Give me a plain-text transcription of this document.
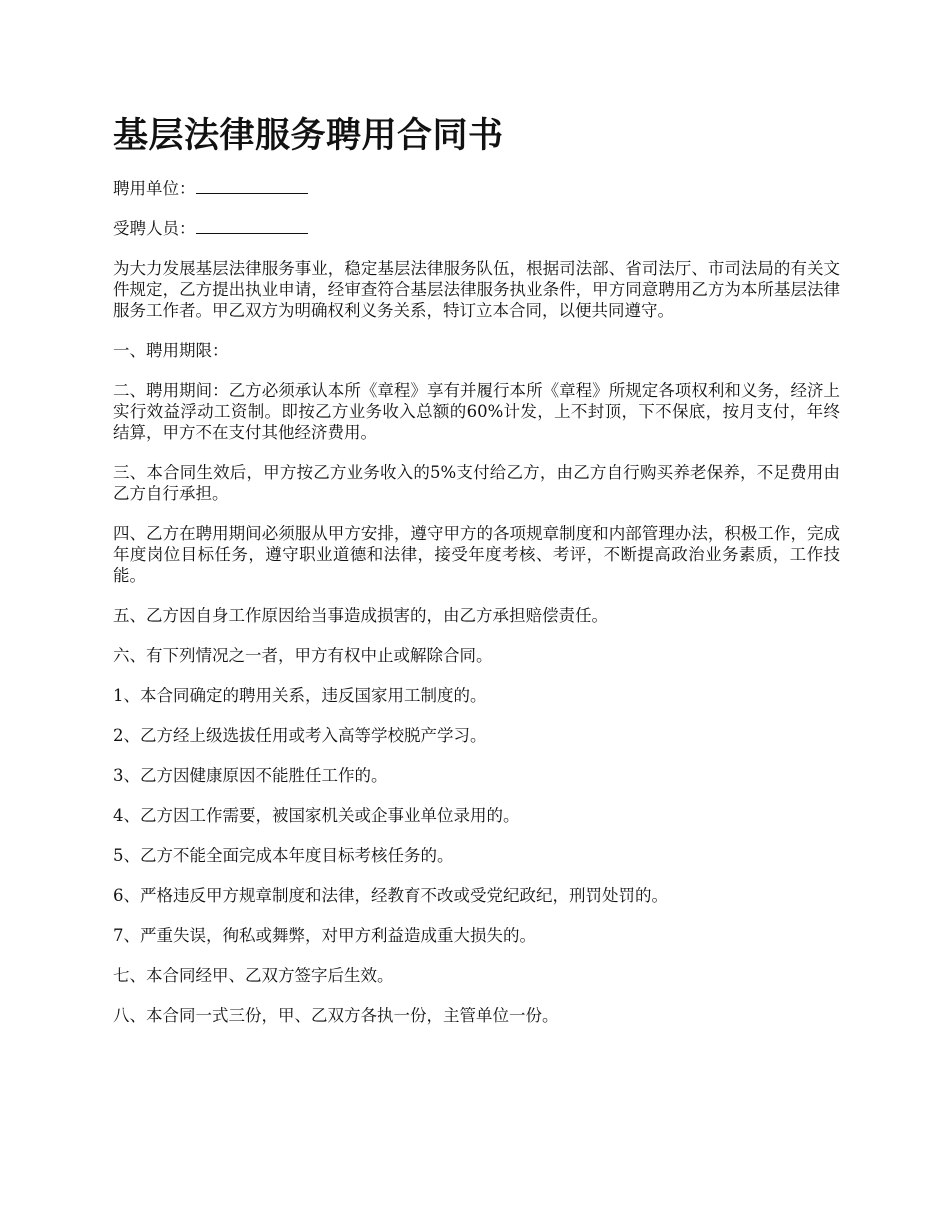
基层法律服务聘用合同书

聘用单位：

受聘人员：

为大力发展基层法律服务事业，稳定基层法律服务队伍，根据司法部、省司法厅、市司法局的有关文件规定，乙方提出执业申请，经审查符合基层法律服务执业条件，甲方同意聘用乙方为本所基层法律服务工作者。甲乙双方为明确权利义务关系，特订立本合同，以便共同遵守。

一、聘用期限：

二、聘用期间：乙方必须承认本所《章程》享有并履行本所《章程》所规定各项权利和义务，经济上实行效益浮动工资制。即按乙方业务收入总额的60%计发，上不封顶，下不保底，按月支付，年终结算，甲方不在支付其他经济费用。

三、本合同生效后，甲方按乙方业务收入的5%支付给乙方，由乙方自行购买养老保养，不足费用由乙方自行承担。

四、乙方在聘用期间必须服从甲方安排，遵守甲方的各项规章制度和内部管理办法，积极工作，完成年度岗位目标任务，遵守职业道德和法律，接受年度考核、考评，不断提高政治业务素质，工作技能。

五、乙方因自身工作原因给当事造成损害的，由乙方承担赔偿责任。

六、有下列情况之一者，甲方有权中止或解除合同。

1、本合同确定的聘用关系，违反国家用工制度的。

2、乙方经上级选拔任用或考入高等学校脱产学习。

3、乙方因健康原因不能胜任工作的。

4、乙方因工作需要，被国家机关或企事业单位录用的。

5、乙方不能全面完成本年度目标考核任务的。

6、严格违反甲方规章制度和法律，经教育不改或受党纪政纪，刑罚处罚的。

7、严重失误，徇私或舞弊，对甲方利益造成重大损失的。

七、本合同经甲、乙双方签字后生效。

八、本合同一式三份，甲、乙双方各执一份，主管单位一份。
